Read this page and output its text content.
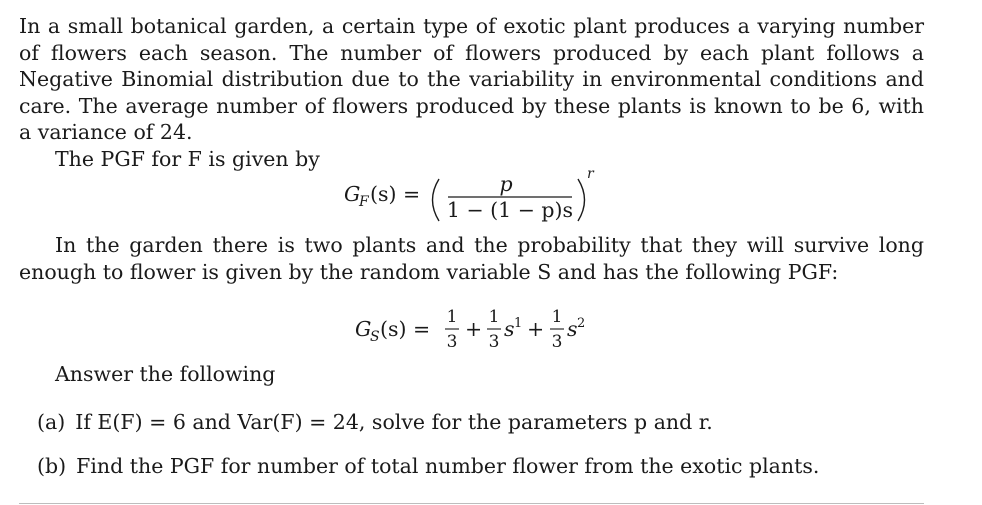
In a small botanical garden, a certain type of exotic plant produces a varying number of flowers each season. The number of flowers produced by each plant follows a Negative Binomial distribution due to the variability in environmental conditions and care. The average number of flowers produced by these plants is known to be 6, with a variance of 24.
The PGF for F is given by
G
F (s) =	p
1 − (1 − p)s
r
In the garden there is two plants and the probability that they will survive long enough to flower is given by the random variable S and has the following PGF:
G
S (s) = 1
3
+ 1
3
s 1 + 1
3
s 2

Answer the following

(a) If E(F) = 6 and Var(F) = 24, solve for the parameters p and r.

(b) Find the PGF for number of total number flower from the exotic plants.
